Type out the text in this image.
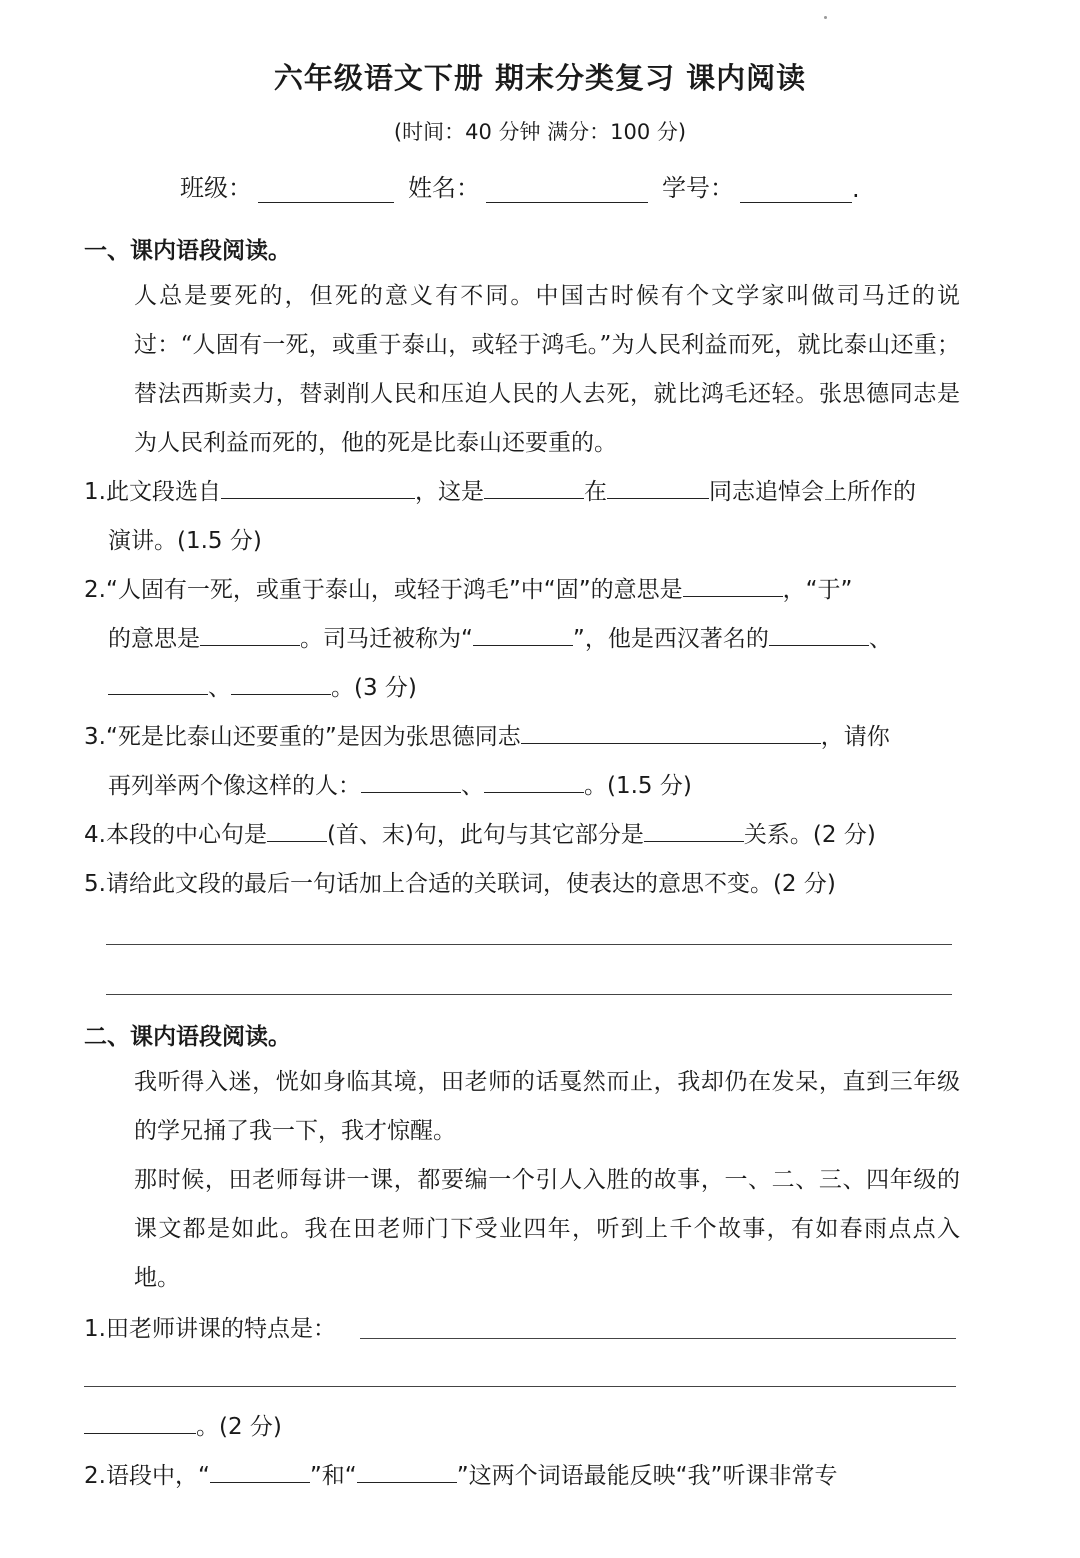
六年级语文下册 期末分类复习 课内阅读
(时间：40 分钟 满分：100 分)
班级：	姓名：	学号：	.
一、课内语段阅读。
人总是要死的，但死的意义有不同。中国古时候有个文学家叫做司马迁的说过：“人固有一死，或重于泰山，或轻于鸿毛。”为人民利益而死，就比泰山还重；替法西斯卖力，替剥削人民和压迫人民的人去死，就比鸿毛还轻。张思德同志是为人民利益而死的，他的死是比泰山还要重的。
1.此文段选自	，这是	在	同志追悼会上所作的
演讲。(1.5 分)
2.“人固有一死，或重于泰山，或轻于鸿毛”中“固”的意思是	，“于”
的意思是	。司马迁被称为“	”，他是西汉著名的	、
、	。(3 分)
3.“死是比泰山还要重的”是因为张思德同志	，请你
再列举两个像这样的人：	、	。(1.5 分)
4.本段的中心句是	(首、末)句，此句与其它部分是	关系。(2 分)
5.请给此文段的最后一句话加上合适的关联词，使表达的意思不变。(2 分)
二、课内语段阅读。
我听得入迷，恍如身临其境，田老师的话戛然而止，我却仍在发呆，直到三年级的学兄捅了我一下，我才惊醒。
那时候，田老师每讲一课，都要编一个引人入胜的故事，一、二、三、四年级的课文都是如此。我在田老师门下受业四年，听到上千个故事，有如春雨点点入地。
1.田老师讲课的特点是：
。(2 分)
2.语段中，“	”和“	”这两个词语最能反映“我”听课非常专
